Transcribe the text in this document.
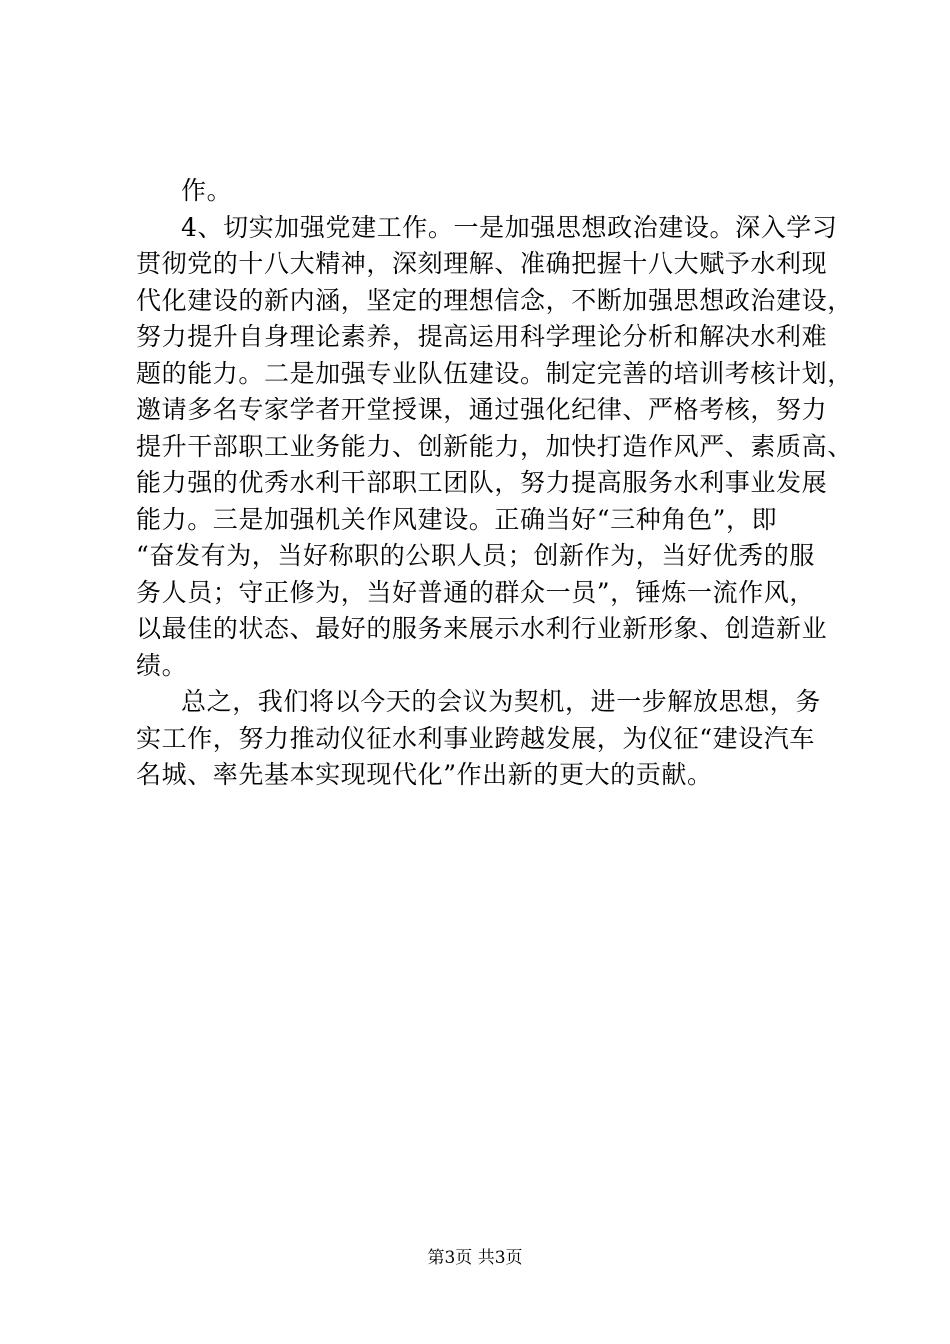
作。
4、切实加强党建工作。一是加强思想政治建设。深入学习
贯彻党的十八大精神，深刻理解、准确把握十八大赋予水利现
代化建设的新内涵，坚定的理想信念，不断加强思想政治建设，
努力提升自身理论素养，提高运用科学理论分析和解决水利难
题的能力。二是加强专业队伍建设。制定完善的培训考核计划，
邀请多名专家学者开堂授课，通过强化纪律、严格考核，努力
提升干部职工业务能力、创新能力，加快打造作风严、素质高、
能力强的优秀水利干部职工团队，努力提高服务水利事业发展
能力。三是加强机关作风建设。正确当好“三种角色”，即
“奋发有为，当好称职的公职人员；创新作为，当好优秀的服
务人员；守正修为，当好普通的群众一员”，锤炼一流作风，
以最佳的状态、最好的服务来展示水利行业新形象、创造新业
绩。
总之，我们将以今天的会议为契机，进一步解放思想，务
实工作，努力推动仪征水利事业跨越发展，为仪征“建设汽车
名城、率先基本实现现代化”作出新的更大的贡献。
第3页 共3页
